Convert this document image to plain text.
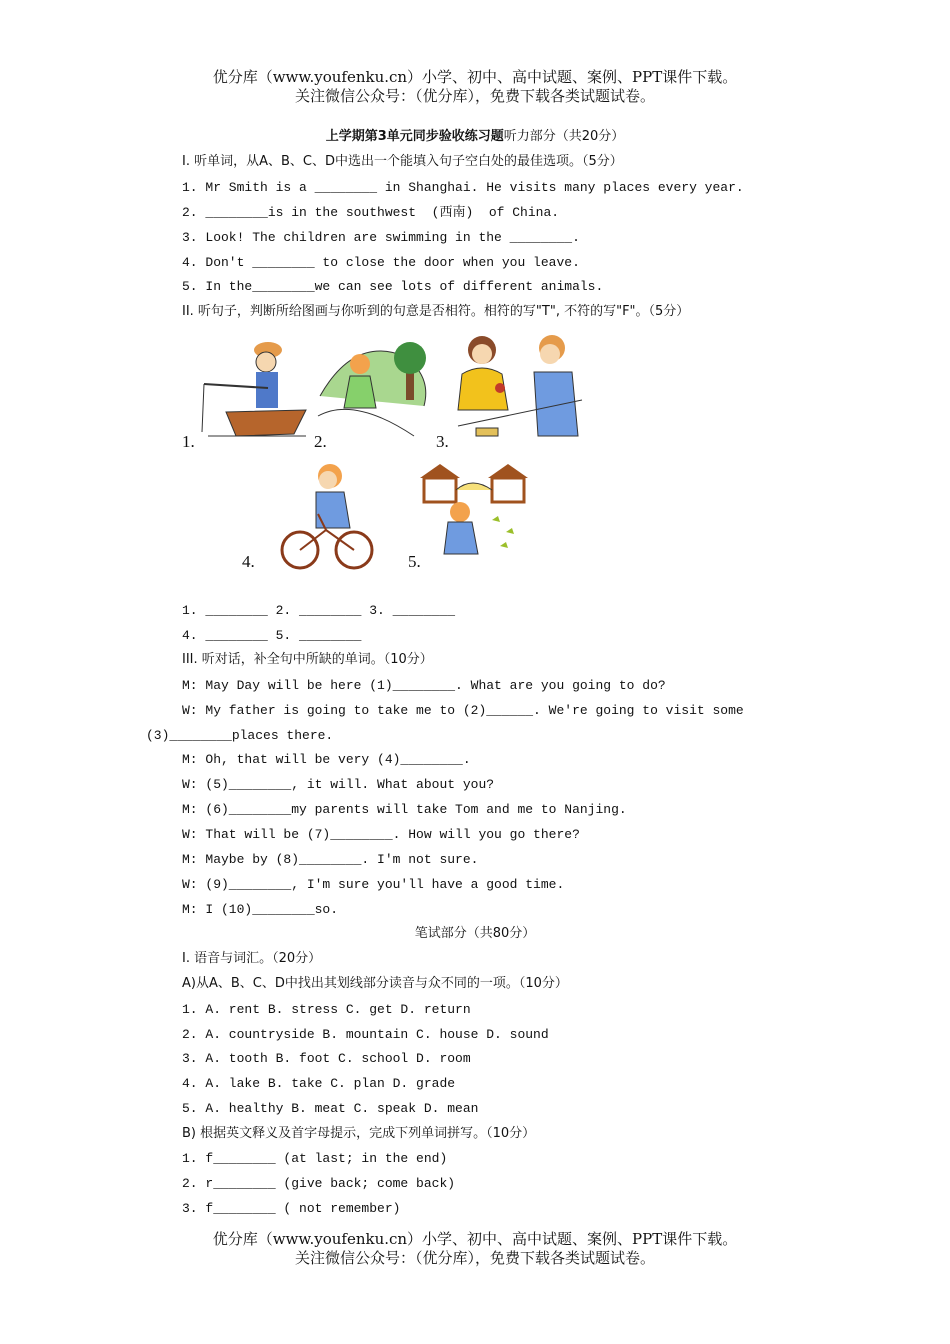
优分库（www.youfenku.cn）小学、初中、高中试题、案例、PPT课件下载。
关注微信公众号：（优分库），免费下载各类试题试卷。
上学期第3单元同步验收练习题听力部分（共20分）
I. 听单词，从A、B、C、D中选出一个能填入句子空白处的最佳选项。（5分）
1. Mr Smith is a ________ in Shanghai. He visits many places every year.
2. ________is in the southwest  (西南)  of China.
3. Look! The children are swimming in the ________.
4. Don't ________ to close the door when you leave.
5. In the________we can see lots of different animals.
II. 听句子，判断所给图画与你听到的句意是否相符。相符的写"T", 不符的写"F"。（5分）
1.	2.	3.
4.	5.
1. ________ 2. ________ 3. ________
4. ________ 5. ________
III. 听对话，补全句中所缺的单词。（10分）
M: May Day will be here (1)________. What are you going to do?
W: My father is going to take me to (2)______. We're going to visit some
(3)________places there.
M: Oh, that will be very (4)________.
W: (5)________, it will. What about you?
M: (6)________my parents will take Tom and me to Nanjing.
W: That will be (7)________. How will you go there?
M: Maybe by (8)________. I'm not sure.
W: (9)________, I'm sure you'll have a good time.
M: I (10)________so.
笔试部分（共80分）
I. 语音与词汇。（20分）
A)从A、B、C、D中找出其划线部分读音与众不同的一项。（10分）
1. A. rent B. stress C. get D. return
2. A. countryside B. mountain C. house D. sound
3. A. tooth B. foot C. school D. room
4. A. lake B. take C. plan D. grade
5. A. healthy B. meat C. speak D. mean
B) 根据英文释义及首字母提示，完成下列单词拼写。（10分）
1. f________ (at last; in the end)
2. r________ (give back; come back)
3. f________ ( not remember)
优分库（www.youfenku.cn）小学、初中、高中试题、案例、PPT课件下载。
关注微信公众号：（优分库），免费下载各类试题试卷。
